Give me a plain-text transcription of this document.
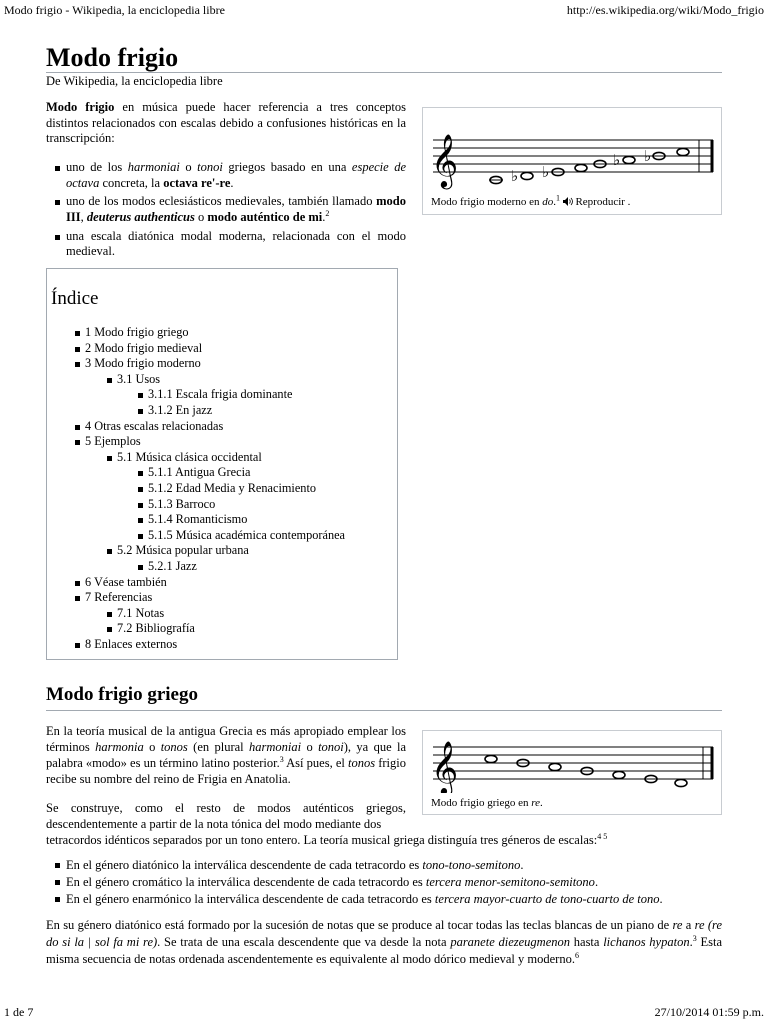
Modo frigio - Wikipedia, la enciclopedia libre	http://es.wikipedia.org/wiki/Modo_frigio
Modo frigio
De Wikipedia, la enciclopedia libre

Modo frigio en música puede hacer referencia a tres conceptos distintos relacionados con escalas debido a confusiones históricas en la transcripción:

uno de los harmoniai o tonoi griegos basado en una especie de octava concreta, la octava re'-re.
uno de los modos eclesiásticos medievales, también llamado modo III, deuterus authenticus o modo auténtico de mi.$^2$
una escala diatónica modal moderna, relacionada con el modo medieval.
𝄞	♭ ♭
♭ ♭
Modo frigio moderno en do.$^1$  Reproducir .
Índice
1 Modo frigio griego
2 Modo frigio medieval
3 Modo frigio moderno
3.1 Usos
3.1.1 Escala frigia dominante
3.1.2 En jazz
4 Otras escalas relacionadas
5 Ejemplos
5.1 Música clásica occidental
5.1.1 Antigua Grecia
5.1.2 Edad Media y Renacimiento
5.1.3 Barroco
5.1.4 Romanticismo
5.1.5 Música académica contemporánea
5.2 Música popular urbana
5.2.1 Jazz
6 Véase también
7 Referencias
7.1 Notas
7.2 Bibliografía
8 Enlaces externos
Modo frigio griego

En la teoría musical de la antigua Grecia es más apropiado emplear los términos harmonia o tonos (en plural harmoniai o tonoi), ya que la palabra «modo» es un término latino posterior.$^3$ Así pues, el tonos frigio recibe su nombre del reino de Frigia en Anatolia.	𝄞
Modo frigio griego en re.

Se construye, como el resto de modos auténticos griegos, descendentemente a partir de la nota tónica del modo mediante dos

tetracordos idénticos separados por un tono entero. La teoría musical griega distinguía tres géneros de escalas:$^{4 5}$

En el género diatónico la interválica descendente de cada tetracordo es tono-tono-semitono.
En el género cromático la interválica descendente de cada tetracordo es tercera menor-semitono-semitono.
En el género enarmónico la interválica descendente de cada tetracordo es tercera mayor-cuarto de tono-cuarto de tono.

En su género diatónico está formado por la sucesión de notas que se produce al tocar todas las teclas blancas de un piano de re a re (re do si la | sol fa mi re). Se trata de una escala descendente que va desde la nota paranete diezeugmenon hasta lichanos hypaton.$^3$ Esta misma secuencia de notas ordenada ascendentemente es equivalente al modo dórico medieval y moderno.$^6$

1 de 7	27/10/2014 01:59 p.m.
